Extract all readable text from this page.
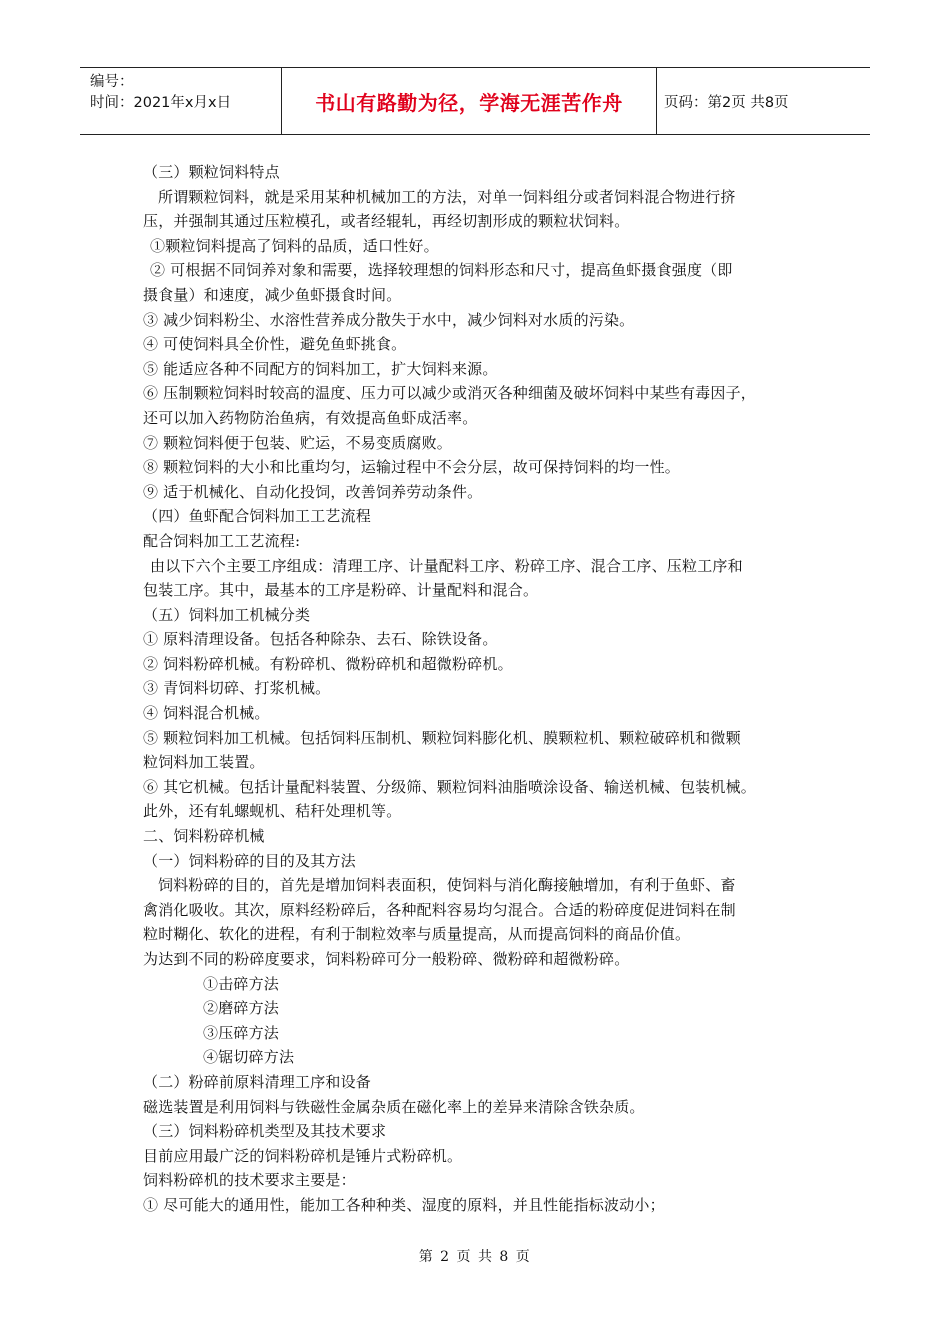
编号：
时间：2021年x月x日	书山有路勤为径，学海无涯苦作舟	页码：第2页 共8页
（三）颗粒饲料特点
所谓颗粒饲料，就是采用某种机械加工的方法，对单一饲料组分或者饲料混合物进行挤
压，并强制其通过压粒模孔，或者经辊轧，再经切割形成的颗粒状饲料。
①颗粒饲料提高了饲料的品质，适口性好。
② 可根据不同饲养对象和需要，选择较理想的饲料形态和尺寸，提高鱼虾摄食强度（即
摄食量）和速度，减少鱼虾摄食时间。
③ 减少饲料粉尘、水溶性营养成分散失于水中，减少饲料对水质的污染。
④ 可使饲料具全价性，避免鱼虾挑食。
⑤ 能适应各种不同配方的饲料加工，扩大饲料来源。
⑥ 压制颗粒饲料时较高的温度、压力可以减少或消灭各种细菌及破坏饲料中某些有毒因子，
还可以加入药物防治鱼病，有效提高鱼虾成活率。
⑦ 颗粒饲料便于包装、贮运，不易变质腐败。
⑧ 颗粒饲料的大小和比重均匀，运输过程中不会分层，故可保持饲料的均一性。
⑨ 适于机械化、自动化投饲，改善饲养劳动条件。
（四）鱼虾配合饲料加工工艺流程
配合饲料加工工艺流程:
由以下六个主要工序组成：清理工序、计量配料工序、粉碎工序、混合工序、压粒工序和
包装工序。其中，最基本的工序是粉碎、计量配料和混合。
（五）饲料加工机械分类
① 原料清理设备。包括各种除杂、去石、除铁设备。
② 饲料粉碎机械。有粉碎机、微粉碎机和超微粉碎机。
③ 青饲料切碎、打浆机械。
④ 饲料混合机械。
⑤ 颗粒饲料加工机械。包括饲料压制机、颗粒饲料膨化机、膜颗粒机、颗粒破碎机和微颗
粒饲料加工装置。
⑥ 其它机械。包括计量配料装置、分级筛、颗粒饲料油脂喷涂设备、输送机械、包装机械。
此外，还有轧螺蚬机、秸秆处理机等。
二、饲料粉碎机械
（一）饲料粉碎的目的及其方法
饲料粉碎的目的，首先是增加饲料表面积，使饲料与消化酶接触增加，有利于鱼虾、畜
禽消化吸收。其次，原料经粉碎后，各种配料容易均匀混合。合适的粉碎度促进饲料在制
粒时糊化、软化的进程，有利于制粒效率与质量提高，从而提高饲料的商品价值。
为达到不同的粉碎度要求，饲料粉碎可分一般粉碎、微粉碎和超微粉碎。
①击碎方法
②磨碎方法
③压碎方法
④锯切碎方法
（二）粉碎前原料清理工序和设备
磁选装置是利用饲料与铁磁性金属杂质在磁化率上的差异来清除含铁杂质。
（三）饲料粉碎机类型及其技术要求
目前应用最广泛的饲料粉碎机是锤片式粉碎机。
饲料粉碎机的技术要求主要是：
① 尽可能大的通用性，能加工各种种类、湿度的原料，并且性能指标波动小；
第 2 页 共 8 页
